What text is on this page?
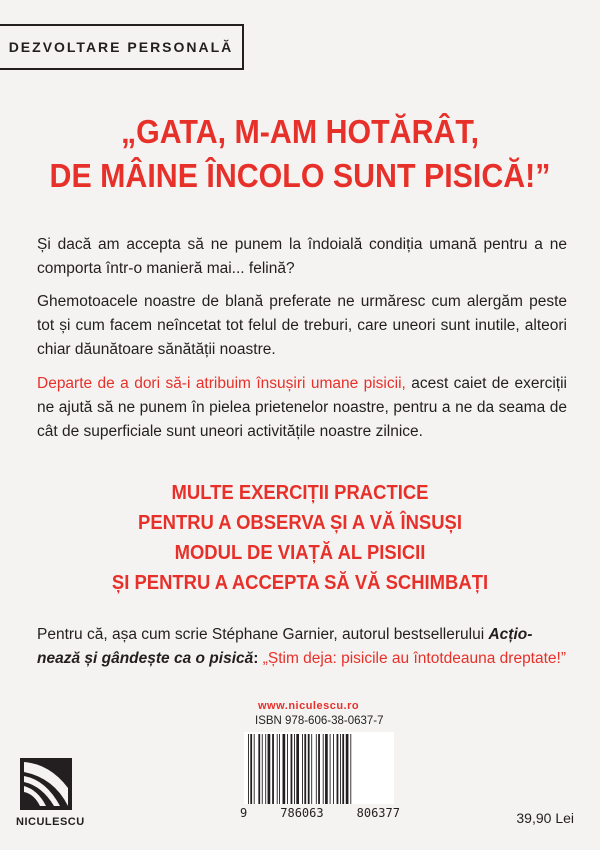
DEZVOLTARE PERSONALĂ
„GATA, M-AM HOTĂRÂT,
DE MÂINE ÎNCOLO SUNT PISICĂ!”

Și dacă am accepta să ne punem la îndoială condiția umană pentru a ne comporta într-o manieră mai... felină?

Ghemotoacele noastre de blană preferate ne urmăresc cum alergăm peste tot și cum facem neîncetat tot felul de treburi, care uneori sunt inutile, alteori chiar dăunătoare sănătății noastre.

Departe de a dori să-i atribuim însușiri umane pisicii, acest caiet de exerciții ne ajută să ne punem în pielea prietenelor noastre, pentru a ne da seama de cât de superficiale sunt uneori activitățile noastre zilnice.

MULTE EXERCIȚII PRACTICE
PENTRU A OBSERVA ȘI A VĂ ÎNSUȘI
MODUL DE VIAȚĂ AL PISICII
ȘI PENTRU A ACCEPTA SĂ VĂ SCHIMBAȚI

Pentru că, așa cum scrie Stéphane Garnier, autorul bestsellerului Acțio-
nează și gândește ca o pisică: „Știm deja: pisicile au întotdeauna dreptate!”

www.niculescu.ro
ISBN 978-606-38-0637-7
9	786063	806377
NICULESCU	39,90 Lei
